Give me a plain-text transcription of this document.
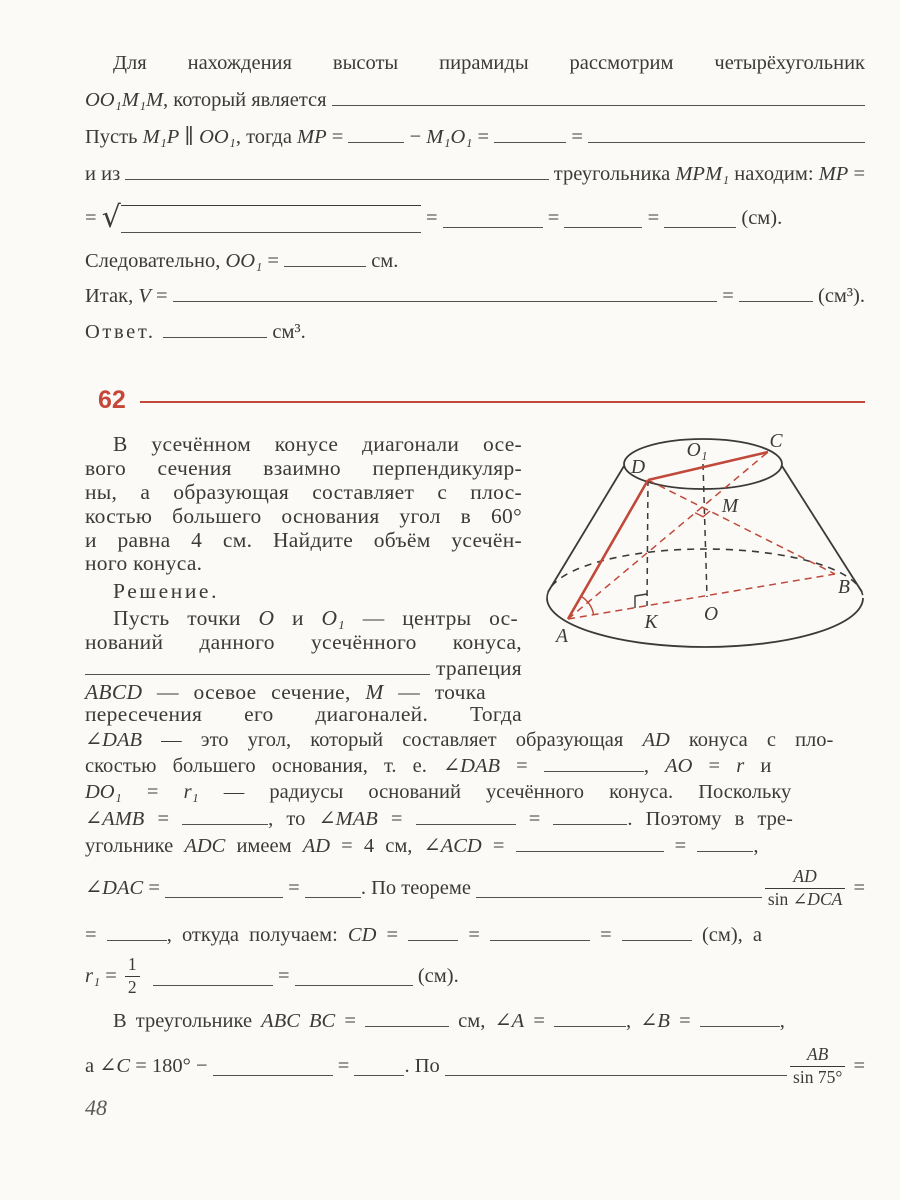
Для нахождения высоты пирамиды рассмотрим четырёхугольник
OO₁M₁M , который является
Пусть M₁P ∥ OO₁ , тогда MP =	− M₁O₁ =	=
и из	треугольника MPM₁ находим: MP =
= √	=	=	=	(см).
Следовательно, OO₁ =	см.
Итак, V =	=	(см³).
Ответ.	см³.
62
В усечённом конусе диагонали осе-
вого сечения взаимно перпендикуляр-
ны, а образующая составляет с плос-
костью большего основания угол в 60°
и равна 4 см. Найдите объём усечён-
ного конуса.
Решение.
Пусть точки O и O₁ — центры ос-
нований данного усечённого конуса,
трапеция
ABCD — осевое сечение, M — точка
пересечения его диагоналей. Тогда
∠DAB — это угол, который составляет образующая AD конуса с пло-
скостью большего основания, т. е. ∠DAB =	, AO = r и
DO₁ = r₁ — радиусы оснований усечённого конуса. Поскольку
∠AMB =	, то ∠MAB =	=	. Поэтому в тре-
угольнике ADC имеем AD = 4 см, ∠ACD =	=	,
∠DAC =	=	. По теореме
AD
sin ∠DCA =
=	, откуда получаем: CD = =	=	(см), а
$r_1 = \frac{1}{2}$
	=	(см).
В треугольнике ABC BC =	см, ∠A =	, ∠B =	,
а ∠C = 180° −	= . По	$\frac{AB}{\sin 75^\circ}$ =
D
O₁	C
M
A
B
O
K
48
